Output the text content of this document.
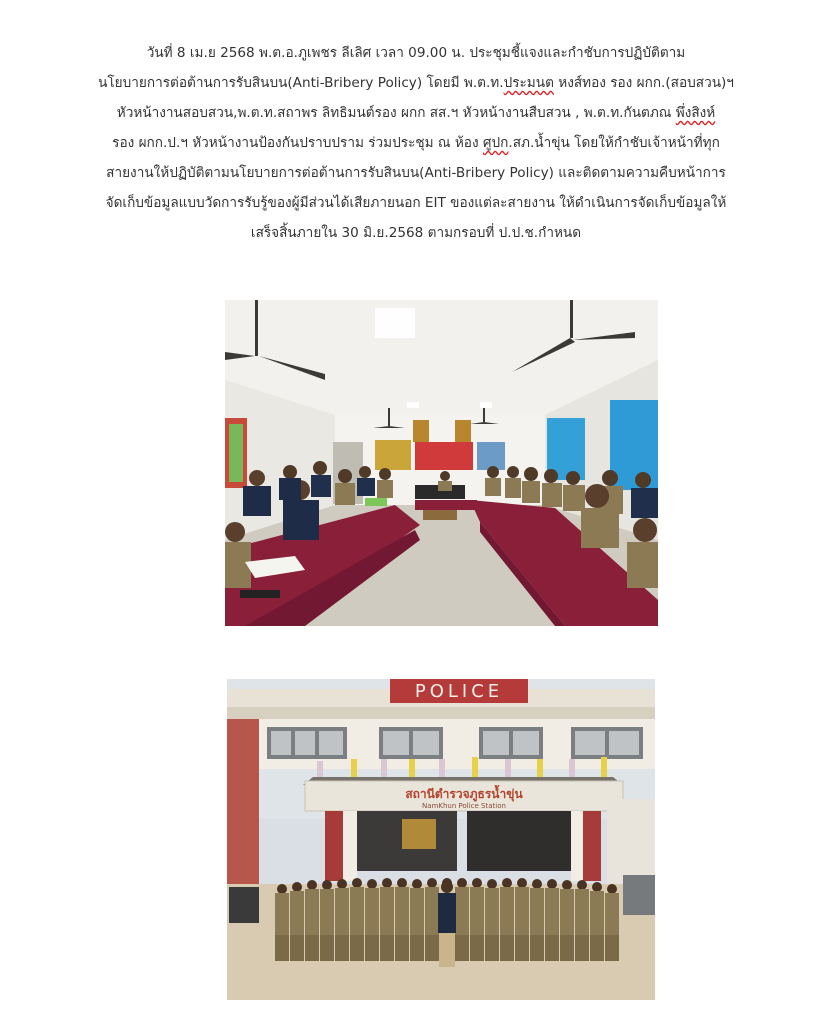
วันที่ 8 เม.ย 2568 พ.ต.อ.ภูเพชร ลีเลิศ เวลา 09.00 น. ประชุมชี้แจงและกำชับการปฏิบัติตาม
นโยบายการต่อต้านการรับสินบน(Anti-Bribery Policy) โดยมี พ.ต.ท.ประมนต หงส์ทอง รอง ผกก.(สอบสวน)ฯ
หัวหน้างานสอบสวน,พ.ต.ท.สถาพร ลิทธิมนต์รอง ผกก สส.ฯ หัวหน้างานสืบสวน , พ.ต.ท.กันตภณ พึ่งสิงห์
รอง ผกก.ป.ฯ หัวหน้างานป้องกันปราบปราม ร่วมประชุม ณ ห้อง ศูปก.สภ.น้ำขุ่น โดยให้กำชับเจ้าหน้าที่ทุก
สายงานให้ปฏิบัติตามนโยบายการต่อต้านการรับสินบน(Anti-Bribery Policy) และติดตามความคืบหน้าการ
จัดเก็บข้อมูลแบบวัดการรับรู้ของผู้มีส่วนได้เสียภายนอก EIT ของแต่ละสายงาน ให้ดำเนินการจัดเก็บข้อมูลให้
เสร็จสิ้นภายใน 30 มิ.ย.2568 ตามกรอบที่ ป.ป.ช.กำหนด
POLICE
สถานีตำรวจภูธรน้ำขุ่น
NamKhun Police Station
